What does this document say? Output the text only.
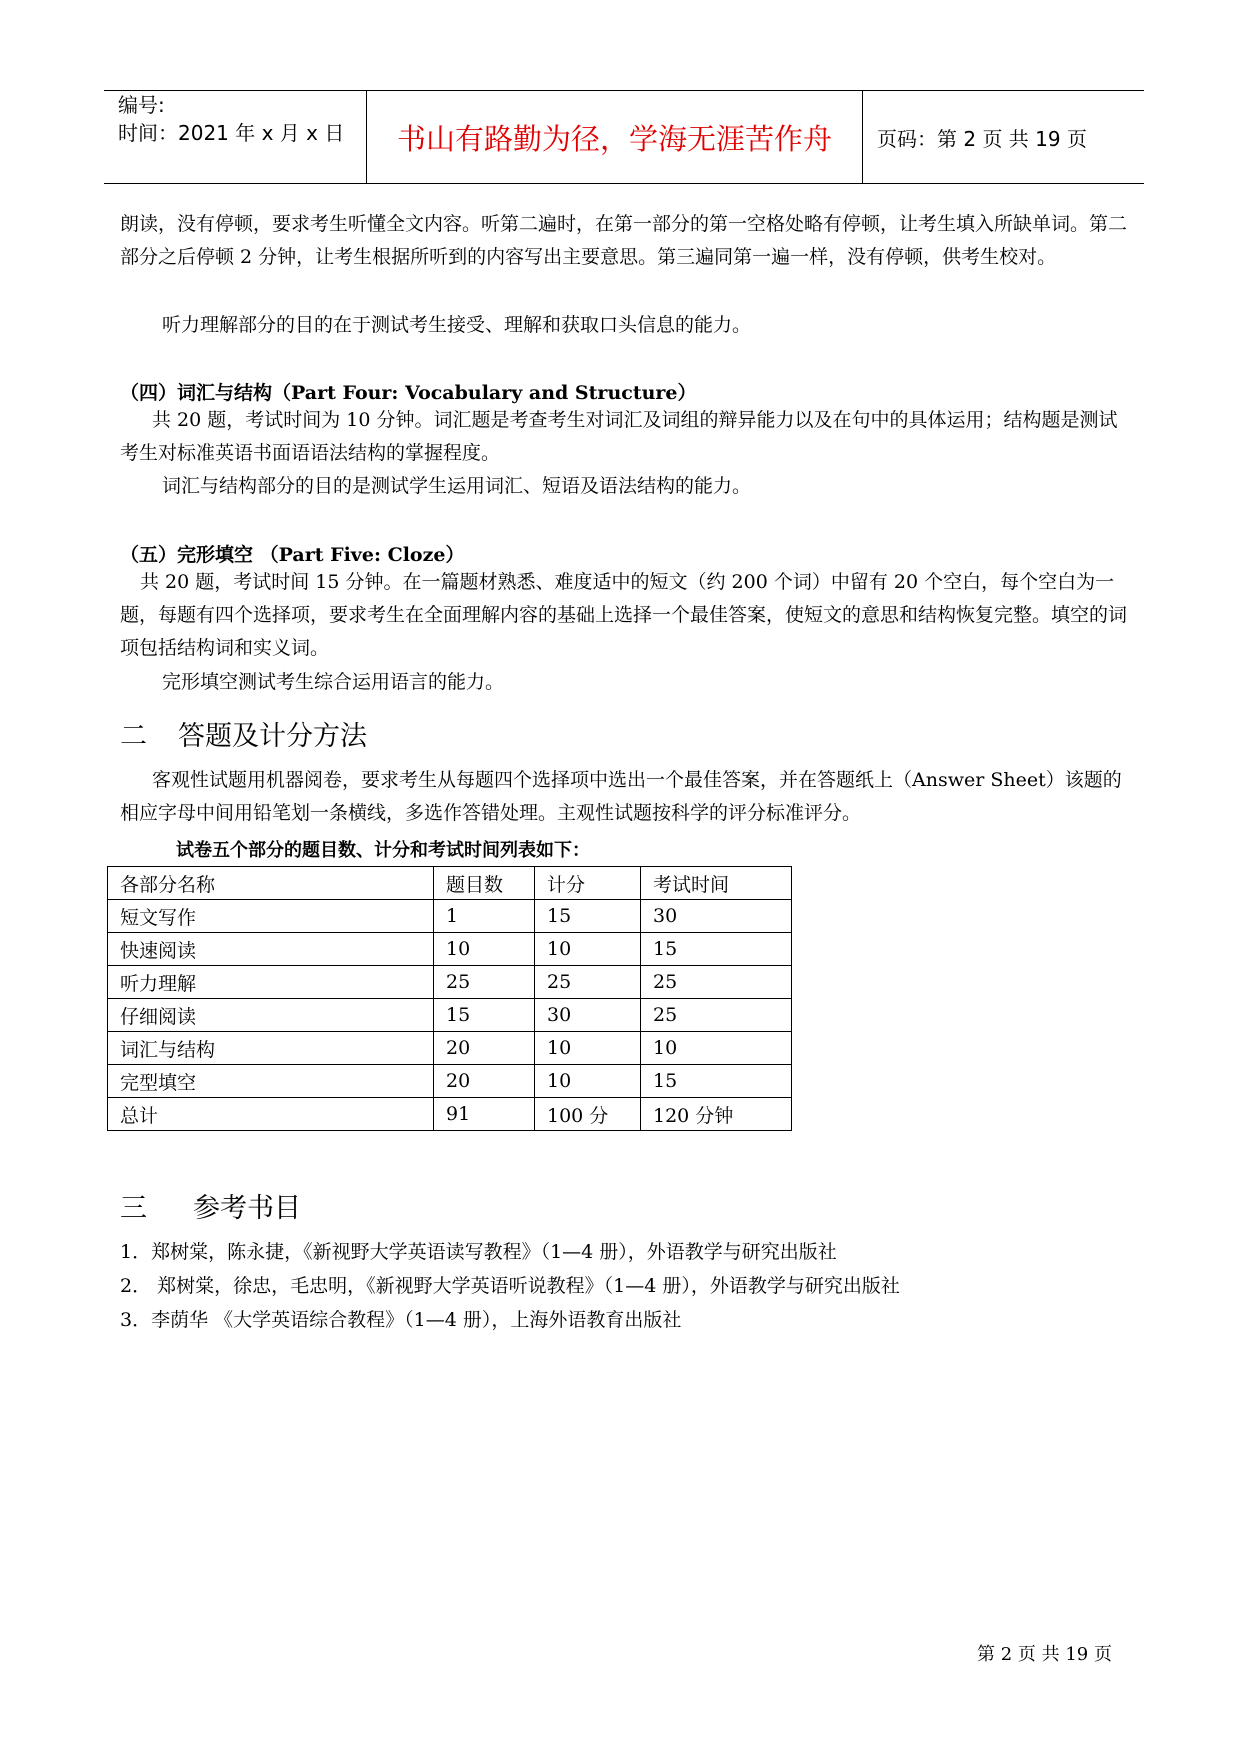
编号:
时间：2021 年 x 月 x 日	书山有路勤为径，学海无涯苦作舟	页码：第 2 页 共 19 页
朗读，没有停顿，要求考生听懂全文内容。听第二遍时，在第一部分的第一空格处略有停顿，让考生填入所缺单词。第二部分之后停顿 2 分钟，让考生根据所听到的内容写出主要意思。第三遍同第一遍一样，没有停顿，供考生校对。
听力理解部分的目的在于测试考生接受、理解和获取口头信息的能力。
（四）词汇与结构（Part Four: Vocabulary and Structure）
共 20 题，考试时间为 10 分钟。词汇题是考查考生对词汇及词组的辩异能力以及在句中的具体运用；结构题是测试考生对标准英语书面语语法结构的掌握程度。
词汇与结构部分的目的是测试学生运用词汇、短语及语法结构的能力。
（五）完形填空 （Part Five: Cloze）
共 20 题，考试时间 15 分钟。在一篇题材熟悉、难度适中的短文（约 200 个词）中留有 20 个空白，每个空白为一题，每题有四个选择项，要求考生在全面理解内容的基础上选择一个最佳答案，使短文的意思和结构恢复完整。填空的词项包括结构词和实义词。
完形填空测试考生综合运用语言的能力。
二 答题及计分方法
客观性试题用机器阅卷，要求考生从每题四个选择项中选出一个最佳答案，并在答题纸上（Answer Sheet）该题的相应字母中间用铅笔划一条横线，多选作答错处理。主观性试题按科学的评分标准评分。
试卷五个部分的题目数、计分和考试时间列表如下：
各部分名称	题目数	计分	考试时间
短文写作	1	15	30
快速阅读	10	10	15
听力理解	25	25	25
仔细阅读	15	30	25
词汇与结构	20	10	10
完型填空	20	10	15
总计	91	100 分	120 分钟
三 参考书目
1．郑树棠，陈永捷，《新视野大学英语读写教程》（1—4 册），外语教学与研究出版社
2． 郑树棠，徐忠，毛忠明，《新视野大学英语听说教程》（1—4 册），外语教学与研究出版社
3．李荫华 《大学英语综合教程》（1—4 册），上海外语教育出版社
第 2 页 共 19 页
